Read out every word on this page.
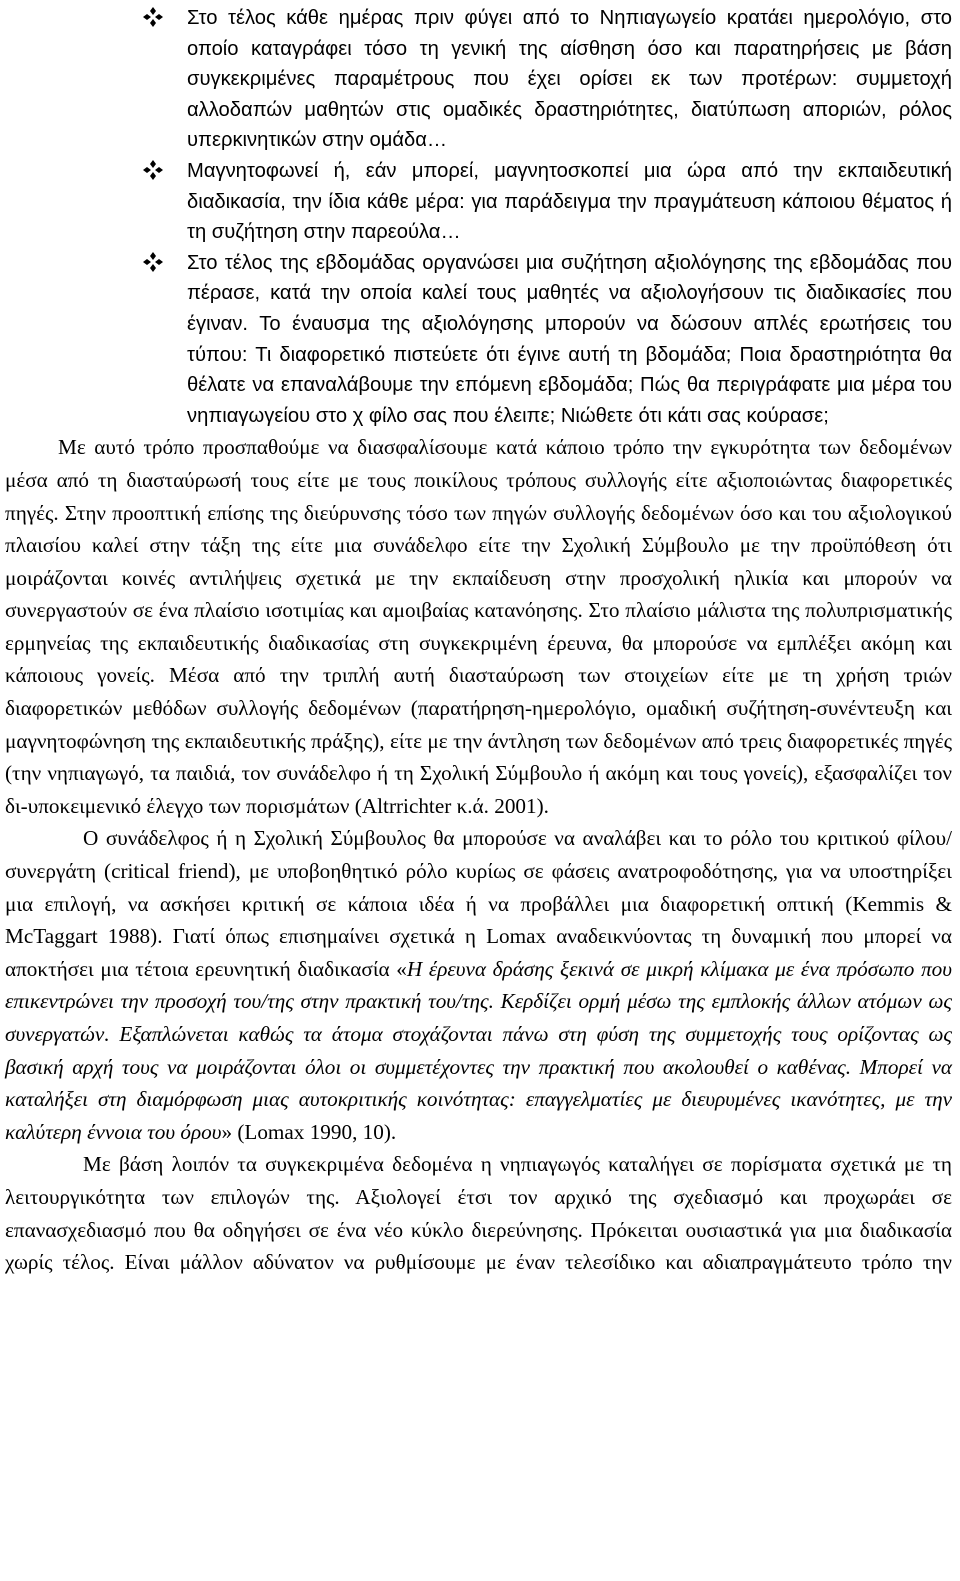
Στο τέλος κάθε ημέρας πριν φύγει από το Νηπιαγωγείο κρατάει ημερολόγιο, στο οποίο καταγράφει τόσο τη γενική της αίσθηση όσο και παρατηρήσεις με βάση συγκεκριμένες παραμέτρους που έχει ορίσει εκ των προτέρων: συμμετοχή αλλοδαπών μαθητών στις ομαδικές δραστηριότητες, διατύπωση αποριών, ρόλος υπερκινητικών στην ομάδα…
Μαγνητοφωνεί ή, εάν μπορεί, μαγνητοσκοπεί μια ώρα από την εκπαιδευτική διαδικασία, την ίδια κάθε μέρα: για παράδειγμα την πραγμάτευση κάποιου θέματος ή τη συζήτηση στην παρεούλα…
Στο τέλος της εβδομάδας οργανώσει μια συζήτηση αξιολόγησης της εβδομάδας που πέρασε, κατά την οποία καλεί τους μαθητές να αξιολογήσουν τις διαδικασίες που έγιναν. Το έναυσμα της αξιολόγησης μπορούν να δώσουν απλές ερωτήσεις του τύπου: Τι διαφορετικό πιστεύετε ότι έγινε αυτή τη βδομάδα; Ποια δραστηριότητα θα θέλατε να επαναλάβουμε την επόμενη εβδομάδα; Πώς θα περιγράφατε μια μέρα του νηπιαγωγείου στο χ φίλο σας που έλειπε; Νιώθετε ότι κάτι σας κούρασε;

Με αυτό τρόπο προσπαθούμε να διασφαλίσουμε κατά κάποιο τρόπο την εγκυρότητα των δεδομένων μέσα από τη διασταύρωσή τους είτε με τους ποικίλους τρόπους συλλογής είτε αξιοποιώντας διαφορετικές πηγές. Στην προοπτική επίσης της διεύρυνσης τόσο των πηγών συλλογής δεδομένων όσο και του αξιολογικού πλαισίου καλεί στην τάξη της είτε μια συνάδελφο είτε την Σχολική Σύμβουλο με την προϋπόθεση ότι μοιράζονται κοινές αντιλήψεις σχετικά με την εκπαίδευση στην προσχολική ηλικία και μπορούν να συνεργαστούν σε ένα πλαίσιο ισοτιμίας και αμοιβαίας κατανόησης. Στο πλαίσιο μάλιστα της πολυπρισματικής ερμηνείας της εκπαιδευτικής διαδικασίας στη συγκεκριμένη έρευνα, θα μπορούσε να εμπλέξει ακόμη και κάποιους γονείς. Μέσα από την τριπλή αυτή διασταύρωση των στοιχείων είτε με τη χρήση τριών διαφορετικών μεθόδων συλλογής δεδομένων (παρατήρηση-ημερολόγιο, ομαδική συζήτηση-συνέντευξη και μαγνητοφώνηση της εκπαιδευτικής πράξης), είτε με την άντληση των δεδομένων από τρεις διαφορετικές πηγές (την νηπιαγωγό, τα παιδιά, τον συνάδελφο ή τη Σχολική Σύμβουλο ή ακόμη και τους γονείς), εξασφαλίζει τον δι-υποκειμενικό έλεγχο των πορισμάτων (Altrrichter κ.ά. 2001).

Ο συνάδελφος ή η Σχολική Σύμβουλος θα μπορούσε να αναλάβει και το ρόλο του κριτικού φίλου/συνεργάτη (critical friend), με υποβοηθητικό ρόλο κυρίως σε φάσεις ανατροφοδότησης, για να υποστηρίξει μια επιλογή, να ασκήσει κριτική σε κάποια ιδέα ή να προβάλλει μια διαφορετική οπτική (Kemmis & McTaggart 1988). Γιατί όπως επισημαίνει σχετικά η Lomax αναδεικνύοντας τη δυναμική που μπορεί να αποκτήσει μια τέτοια ερευνητική διαδικασία «Η έρευνα δράσης ξεκινά σε μικρή κλίμακα με ένα πρόσωπο που επικεντρώνει την προσοχή του/της στην πρακτική του/της. Κερδίζει ορμή μέσω της εμπλοκής άλλων ατόμων ως συνεργατών. Εξαπλώνεται καθώς τα άτομα στοχάζονται πάνω στη φύση της συμμετοχής τους ορίζοντας ως βασική αρχή τους να μοιράζονται όλοι οι συμμετέχοντες την πρακτική που ακολουθεί ο καθένας. Μπορεί να καταλήξει στη διαμόρφωση μιας αυτοκριτικής κοινότητας: επαγγελματίες με διευρυμένες ικανότητες, με την καλύτερη έννοια του όρου» (Lomax 1990, 10).

Με βάση λοιπόν τα συγκεκριμένα δεδομένα η νηπιαγωγός καταλήγει σε πορίσματα σχετικά με τη λειτουργικότητα των επιλογών της. Αξιολογεί έτσι τον αρχικό της σχεδιασμό και προχωράει σε επανασχεδιασμό που θα οδηγήσει σε ένα νέο κύκλο διερεύνησης. Πρόκειται ουσιαστικά για μια διαδικασία χωρίς τέλος. Είναι μάλλον αδύνατον να ρυθμίσουμε με έναν τελεσίδικο και αδιαπραγμάτευτο τρόπο την
